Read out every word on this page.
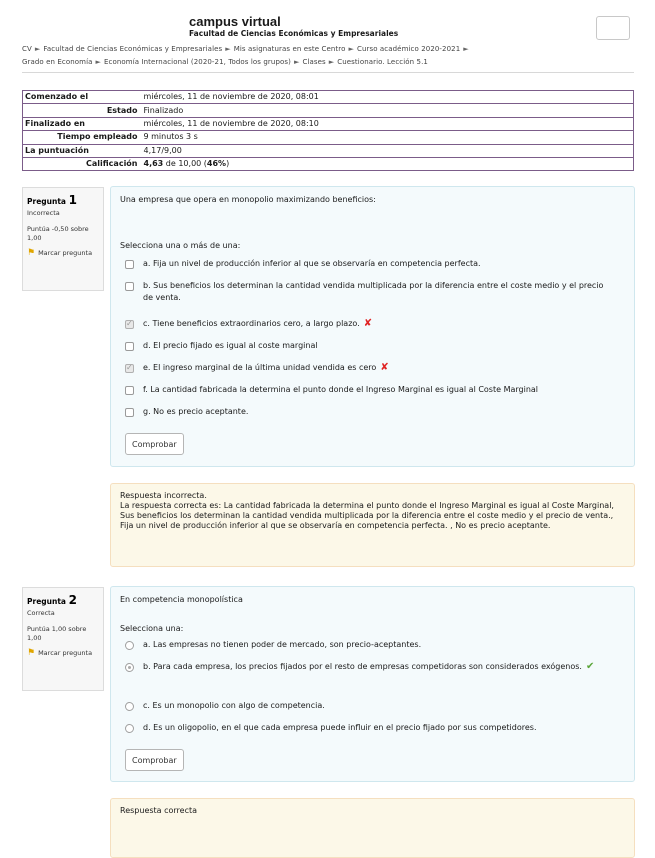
campus virtual
Facultad de Ciencias Económicas y Empresariales
CV ► Facultad de Ciencias Económicas y Empresariales ► Mis asignaturas en este Centro ► Curso académico 2020-2021 ►
Grado en Economía ► Economía Internacional (2020-21, Todos los grupos) ► Clases ► Cuestionario. Lección 5.1
Comenzado el	miércoles, 11 de noviembre de 2020, 08:01
Estado	Finalizado
Finalizado en	miércoles, 11 de noviembre de 2020, 08:10
Tiempo empleado	9 minutos 3 s
La puntuación	4,17/9,00
Calificación	4,63 de 10,00 (46%)
Pregunta 1
Incorrecta
Puntúa -0,50 sobre 1,00
⚑ Marcar pregunta
Una empresa que opera en monopolio maximizando beneficios:
Selecciona una o más de una:
a. Fija un nivel de producción inferior al que se observaría en competencia perfecta.
b. Sus beneficios los determinan la cantidad vendida multiplicada por la diferencia entre el coste medio y el precio de venta.
✓
c. Tiene beneficios extraordinarios cero, a largo plazo. ✘
d. El precio fijado es igual al coste marginal
✓
e. El ingreso marginal de la última unidad vendida es cero ✘
f. La cantidad fabricada la determina el punto donde el Ingreso Marginal es igual al Coste Marginal
g. No es precio aceptante.
Comprobar
Respuesta incorrecta.
La respuesta correcta es: La cantidad fabricada la determina el punto donde el Ingreso Marginal es igual al Coste Marginal, Sus beneficios los determinan la cantidad vendida multiplicada por la diferencia entre el coste medio y el precio de venta., Fija un nivel de producción inferior al que se observaría en competencia perfecta. , No es precio aceptante.
Pregunta 2
Correcta
Puntúa 1,00 sobre 1,00
⚑ Marcar pregunta
En competencia monopolística
Selecciona una:
a. Las empresas no tienen poder de mercado, son precio-aceptantes.
b. Para cada empresa, los precios fijados por el resto de empresas competidoras son considerados exógenos. ✔
c. Es un monopolio con algo de competencia.
d. Es un oligopolio, en el que cada empresa puede influir en el precio fijado por sus competidores.
Comprobar
Respuesta correcta
